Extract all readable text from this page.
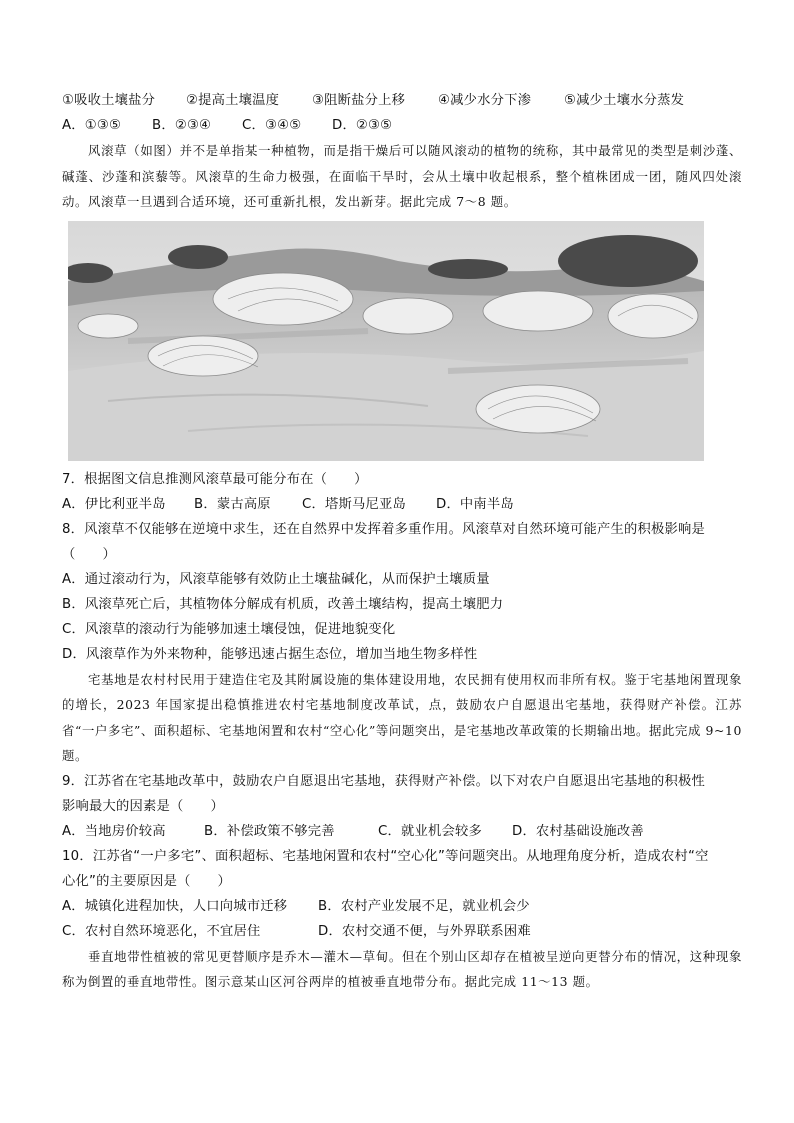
①吸收土壤盐分 ②提高土壤温度 ③阻断盐分上移 ④减少水分下渗 ⑤减少土壤水分蒸发
A．①③⑤ B．②③④ C．③④⑤ D．②③⑤
风滚草（如图）并不是单指某一种植物，而是指干燥后可以随风滚动的植物的统称，其中最常见的类型是刺沙蓬、碱蓬、沙蓬和滨藜等。风滚草的生命力极强，在面临干旱时，会从土壤中收起根系，整个植株团成一团，随风四处滚动。风滚草一旦遇到合适环境，还可重新扎根，发出新芽。据此完成 7～8 题。
7．根据图文信息推测风滚草最可能分布在（　　）
A．伊比利亚半岛 B．蒙古高原 C．塔斯马尼亚岛 D．中南半岛
8．风滚草不仅能够在逆境中求生，还在自然界中发挥着多重作用。风滚草对自然环境可能产生的积极影响是
（　　）
A．通过滚动行为，风滚草能够有效防止土壤盐碱化，从而保护土壤质量
B．风滚草死亡后，其植物体分解成有机质，改善土壤结构，提高土壤肥力
C．风滚草的滚动行为能够加速土壤侵蚀，促进地貌变化
D．风滚草作为外来物种，能够迅速占据生态位，增加当地生物多样性
宅基地是农村村民用于建造住宅及其附属设施的集体建设用地，农民拥有使用权而非所有权。鉴于宅基地闲置现象的增长，2023 年国家提出稳慎推进农村宅基地制度改革试，点，鼓励农户自愿退出宅基地，获得财产补偿。江苏省“一户多宅”、面积超标、宅基地闲置和农村“空心化”等问题突出，是宅基地改革政策的长期输出地。据此完成 9~10 题。
9．江苏省在宅基地改革中，鼓励农户自愿退出宅基地，获得财产补偿。以下对农户自愿退出宅基地的积极性
影响最大的因素是（　　）
A．当地房价较高	B．补偿政策不够完善	C．就业机会较多 D．农村基础设施改善
10．江苏省“一户多宅”、面积超标、宅基地闲置和农村“空心化”等问题突出。从地理角度分析，造成农村“空
心化”的主要原因是（　　）
A．城镇化进程加快，人口向城市迁移 B．农村产业发展不足，就业机会少
C．农村自然环境恶化，不宜居住	D．农村交通不便，与外界联系困难
垂直地带性植被的常见更替顺序是乔木—灌木—草甸。但在个别山区却存在植被呈逆向更替分布的情况，这种现象称为倒置的垂直地带性。图示意某山区河谷两岸的植被垂直地带分布。据此完成 11～13 题。
